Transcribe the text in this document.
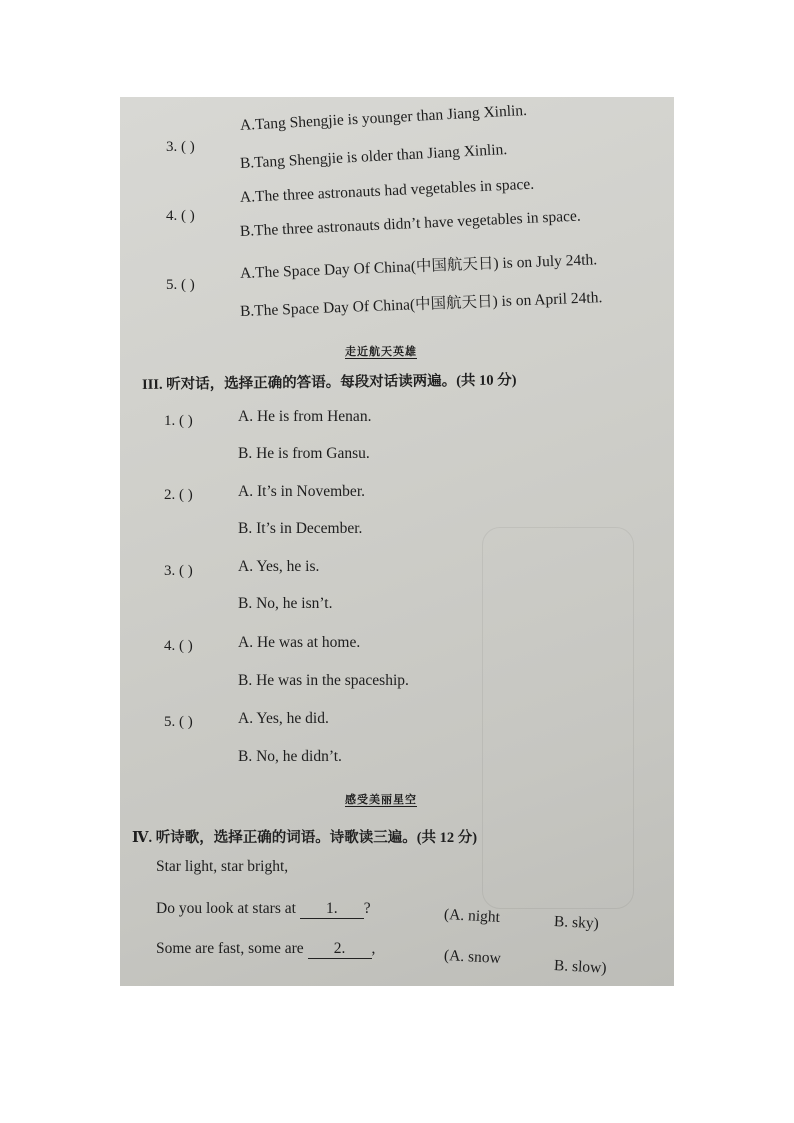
3. ( )
A.Tang Shengjie is younger than Jiang Xinlin.
B.Tang Shengjie is older than Jiang Xinlin.
4. ( )
A.The three astronauts had vegetables in space.
B.The three astronauts didn’t have vegetables in space.
5. ( )
A.The Space Day Of China(中国航天日) is on July 24th.
B.The Space Day Of China(中国航天日) is on April 24th.
走近航天英雄
III. 听对话，选择正确的答语。每段对话读两遍。(共 10 分)
1. ( )	A. He is from Henan.
B. He is from Gansu.
2. ( )	A. It’s in November.
B. It’s in December.
3. ( )	A. Yes, he is.
B. No, he isn’t.
4. ( )	A. He was at home.
B. He was in the spaceship.
5. ( )	A. Yes, he did.
B. No, he didn’t.
感受美丽星空
Ⅳ. 听诗歌，选择正确的词语。诗歌读三遍。(共 12 分)
Star light, star bright,
Do you look at stars at 1. ?	(A. night	B. sky)
Some are fast, some are 2. ,	(A. snow	B. slow)
